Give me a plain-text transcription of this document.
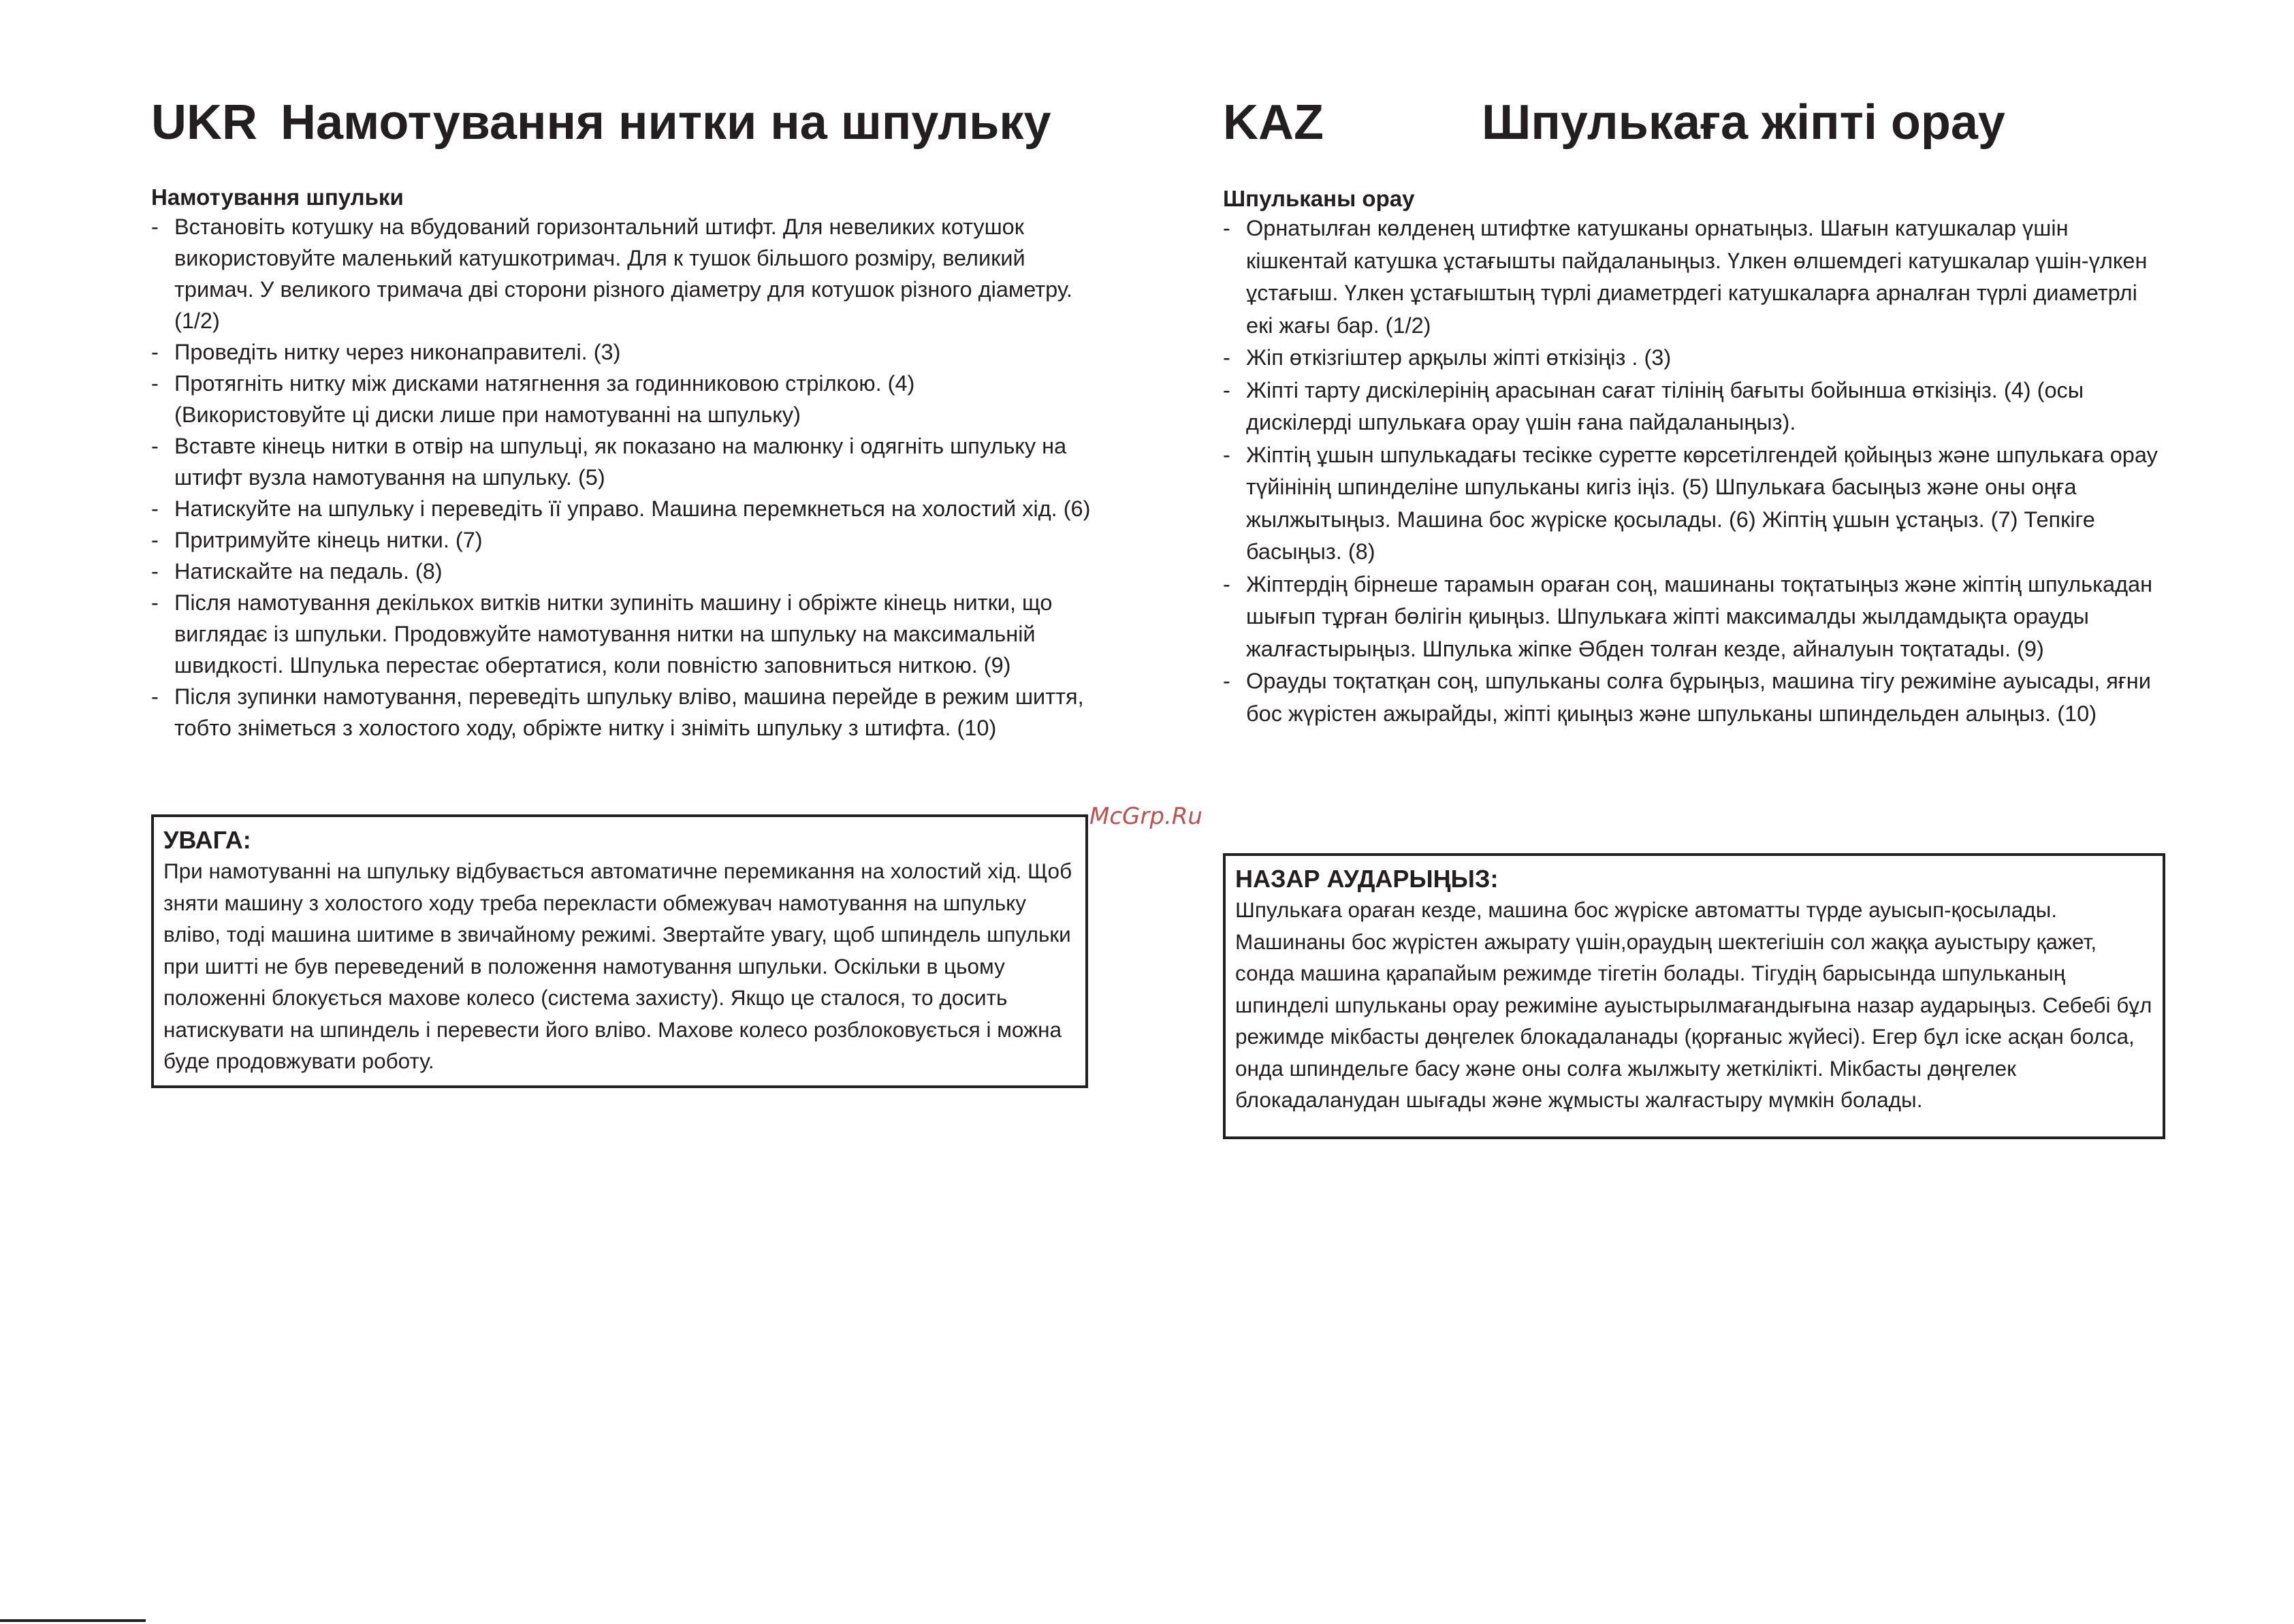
UKR Намотування нитки на шпульку
Намотування шпульки
- Встановіть котушку на вбудований горизонтальний штифт. Для невеликих котушок використовуйте маленький катушкотримач. Для к тушок більшого розміру, великий тримач. У великого тримача дві сторони різного діаметру для котушок різного діаметру. (1/2)
- Проведіть нитку через никонаправителі. (3)
- Протягніть нитку між дисками натягнення за годинниковою стрілкою. (4) (Використовуйте ці диски лише при намотуванні на шпульку)
- Вставте кінець нитки в отвір на шпульці, як показано на малюнку і одягніть шпульку на штифт вузла намотування на шпульку. (5)
- Натискуйте на шпульку і переведіть її управо. Машина перемкнеться на холостий хід. (6)
- Притримуйте кінець нитки. (7)
- Натискайте на педаль. (8)
- Після намотування декількох витків нитки зупиніть машину і обріжте кінець нитки, що виглядає із шпульки. Продовжуйте намотування нитки на шпульку на максимальній швидкості. Шпулька перестає обертатися, коли повністю заповниться ниткою. (9)
- Після зупинки намотування, переведіть шпульку вліво, машина перейде в режим шиття, тобто зніметься з холостого ходу, обріжте нитку і зніміть шпульку з штифта. (10)
УВАГА:
При намотуванні на шпульку відбувається автоматичне перемикання на холостий хід. Щоб зняти машину з холостого ходу треба переклacти обмежувач намотування на шпульку вліво, тоді машина шитиме в звичайному режимі. Звертайте увагу, щоб шпиндель шпульки при шитті не був переведений в положення намотування шпульки. Оскільки в цьому положенні блокується махове колесо (система захисту). Якщо це сталося, то досить натискувати на шпиндель і перевести його вліво. Махове колесо розблоковується і можна буде продовжувати роботу.
McGrp.Ru
KAZ	Шпулькаға жіпті орау
Шпульканы орау
- Орнатылған көлденең штифтке катушканы орнатыңыз. Шағын катушкалар үшін кішкентай катушка ұстағышты пайдаланыңыз. Үлкен өлшемдегі катушкалар үшін-үлкен ұстағыш. Үлкен ұстағыштың түрлі диаметрдегі катушкаларға арналған түрлі диаметрлі екі жағы бар. (1/2)
- Жіп өткізгіштер арқылы жіпті өткізіңіз . (3)
- Жіпті тарту дискілерінің арасынан сағат тілінің бағыты бойынша өткізіңіз. (4) (осы дискілерді шпулькаға орау үшін ғана пайдаланыңыз).
- Жіптің ұшын шпулькадағы тесікке суретте көрсетілгендей қойыңыз және шпулькаға орау түйінінің шпинделіне шпульканы кигіз іңіз. (5) Шпулькаға басыңыз және оны оңға жылжытыңыз. Машина бос жүріске қосылады. (6) Жіптің ұшын ұстаңыз. (7) Тепкіге басыңыз. (8)
- Жіптердің бірнеше тарамын ораған соң, машинаны тоқтатыңыз және жіптің шпулькадан шығып тұрған бөлігін қиыңыз. Шпулькаға жіпті максималды жылдамдықта орауды жалғастырыңыз. Шпулька жіпке Әбден толған кезде, айналуын тоқтатады. (9)
- Орауды тоқтатқан соң, шпульканы солға бұрыңыз, машина тігу режиміне ауысады, яғни бос жүрістен ажырайды, жіпті қиыңыз және шпульканы шпиндельден алыңыз. (10)
НАЗАР АУДАРЫҢЫЗ:
Шпулькаға ораған кезде, машина бос жүріске автоматты түрде ауысып-қосылады. Машинаны бос жүрістен ажырату үшін,ораудың шектегішін сол жаққа ауыстыру қажет, сонда машина қарапайым режимде тігетін болады. Тігудің барысында шпульканың шпинделі шпульканы орау режиміне ауыстырылмағандығына назар аударыңыз. Себебі бұл режимде мікбасты дөңгелек блокадаланады (қорғаныс жүйесі). Егер бұл іске асқан болса, онда шпиндельге басу және оны солға жылжыту жеткілікті. Мікбасты дөңгелек блокадаланудан шығады және жұмысты жалғастыру мүмкін болады.
